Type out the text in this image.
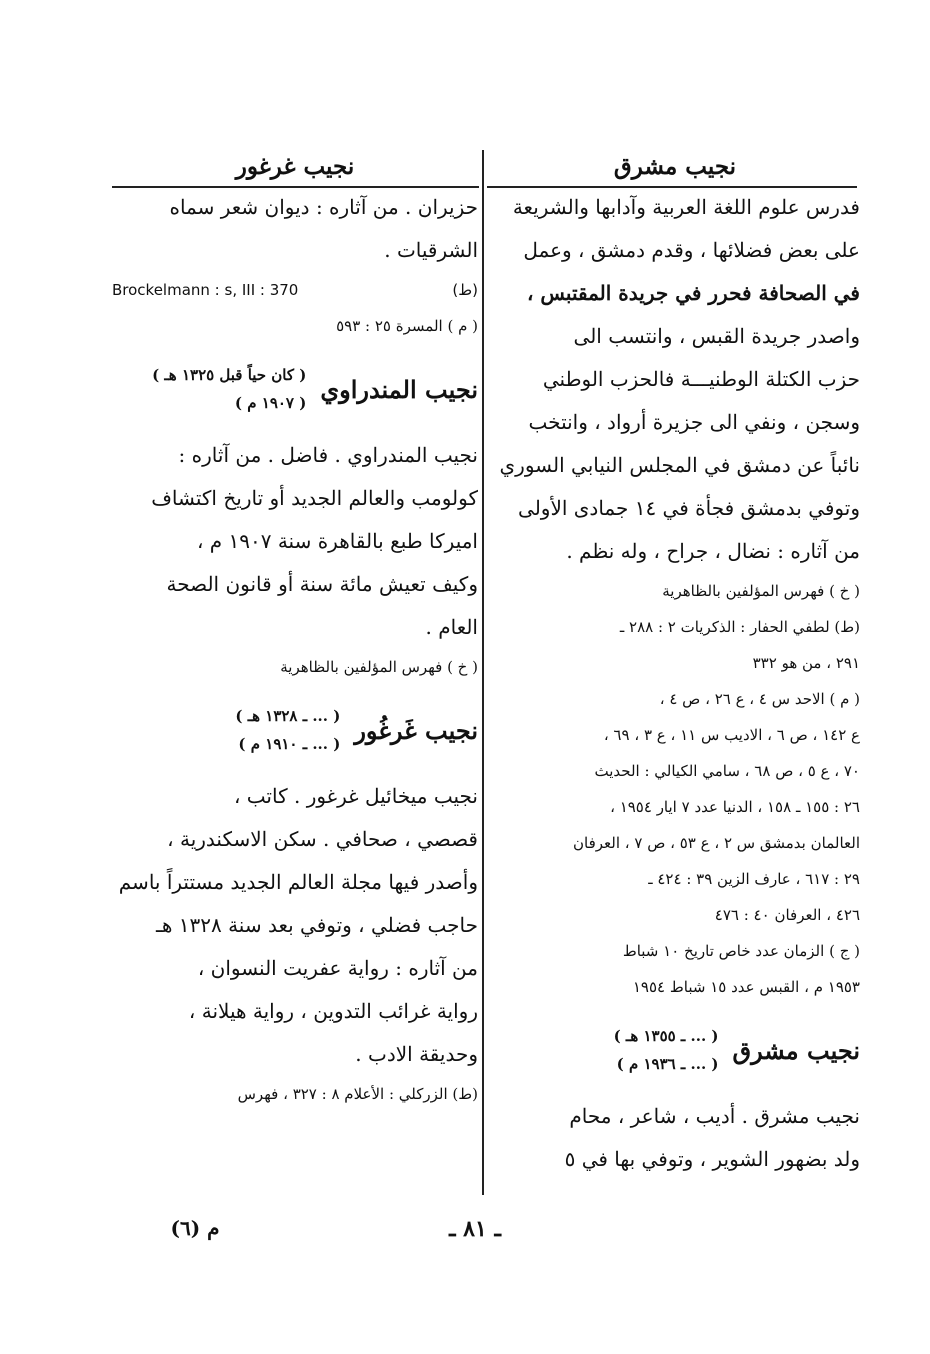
نجيب مشرق
فدرس علوم اللغة العربية وآدابها والشريعة
على بعض فضلائها ، وقدم دمشق ، وعمل
في الصحافة فحرر في جريدة المقتبس ،
واصدر جريدة القبس ، وانتسب الى
حزب الكتلة الوطنيـــة فالحزب الوطني
وسجن ، ونفي الى جزيرة أرواد ، وانتخب
نائباً عن دمشق في المجلس النيابي السوري
وتوفي بدمشق فجأة في ١٤ جمادى الأولى
من آثاره : نضال ، جراح ، وله نظم .
( خ ) فهرس المؤلفين بالظاهرية
(ط) لطفي الحفار : الذكريات ٢ : ٢٨٨ ـ
٢٩١ ، من هو ٣٣٢
( م ) الاحد س ٤ ، ع ٢٦ ، ص ٤ ،
ع ١٤٢ ، ص ٦ ، الاديب س ١١ ، ع ٣ ، ٦٩ ،
٧٠ ، ع ٥ ، ص ٦٨ ، سامي الكيالي : الحديث
٢٦ : ١٥٥ ـ ١٥٨ ، الدنيا عدد ٧ ايار ١٩٥٤ ،
العالمان بدمشق س ٢ ، ع ٥٣ ، ص ٧ ، العرفان
٢٩ : ٦١٧ ، عارف الزين ٣٩ : ٤٢٤ ـ
٤٢٦ ، العرفان ٤٠ : ٤٧٦
( ج ) الزمان عدد خاص تاريخ ١٠ شباط
١٩٥٣ م ، القبس عدد ١٥ شباط ١٩٥٤
نجيب مشرق
( ... ـ ١٣٥٥ هـ )
( ... ـ ١٩٣٦ م )
نجيب مشرق . أديب ، شاعر ، محام
ولد بضهور الشوير ، وتوفي بها في ٥
نجيب غرغور
حزيران . من آثاره : ديوان شعر سماه
الشرقيات .
Brockelmann : s, III : 370	(ط)
( م ) المسرة ٢٥ : ٥٩٣
نجيب المندراوي
( كان حياً قبل ١٣٢٥ هـ )
( ١٩٠٧ م )
نجيب المندراوي . فاضل . من آثاره :
كولومب والعالم الجديد أو تاريخ اكتشاف
اميركا طبع بالقاهرة سنة ١٩٠٧ م ،
وكيف تعيش مائة سنة أو قانون الصحة
العام .
( خ ) فهرس المؤلفين بالظاهرية
نجيب غَرغُور
( ... ـ ١٣٢٨ هـ )
( ... ـ ١٩١٠ م )
نجيب ميخائيل غرغور . كاتب ،
قصصي ، صحافي . سكن الاسكندرية ،
وأصدر فيها مجلة العالم الجديد مستتراً باسم
حاجب فضلي ، وتوفي بعد سنة ١٣٢٨ هـ
من آثاره : رواية عفريت النسوان ،
رواية غرائب التدوين ، رواية هيلانة ،
وحديقة الادب .
(ط) الزركلي : الأعلام ٨ : ٣٢٧ ، فهرس
ـ ٨١ ـ
م (٦)
